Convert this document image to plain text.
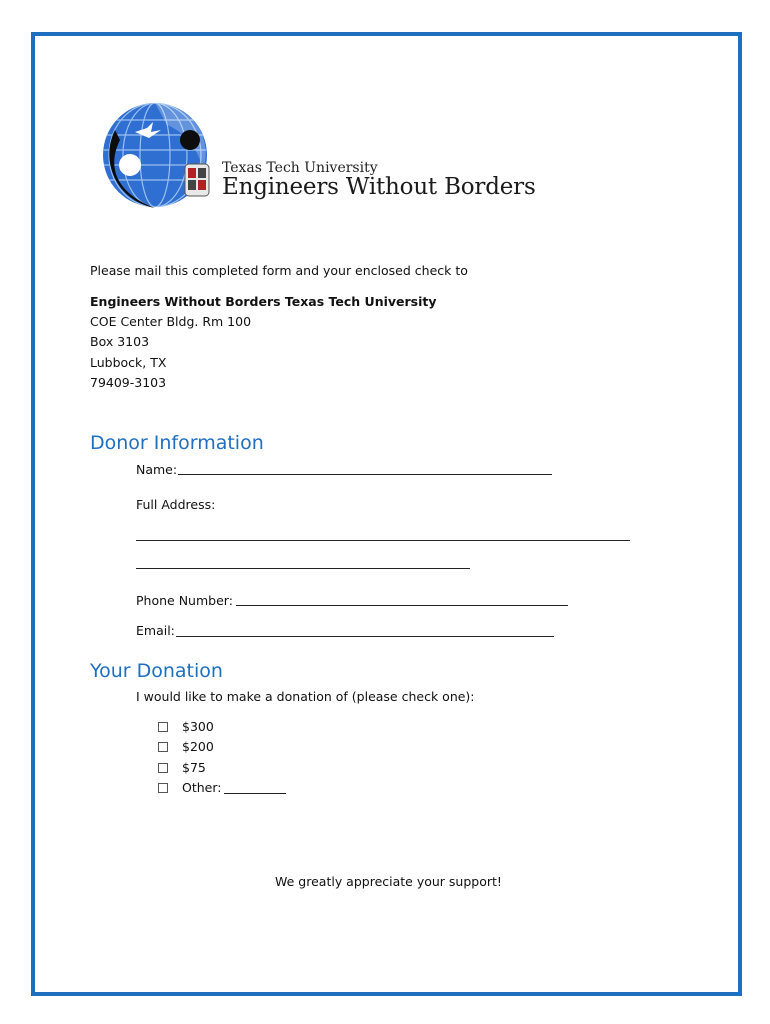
Texas Tech University
Engineers Without Borders
Please mail this completed form and your enclosed check to
Engineers Without Borders Texas Tech University
COE Center Bldg. Rm 100
Box 3103
Lubbock, TX
79409-3103
Donor Information
Name:
Full Address:
Phone Number:
Email:
Your Donation
I would like to make a donation of (please check one):
$300
$200
$75
Other:
We greatly appreciate your support!
